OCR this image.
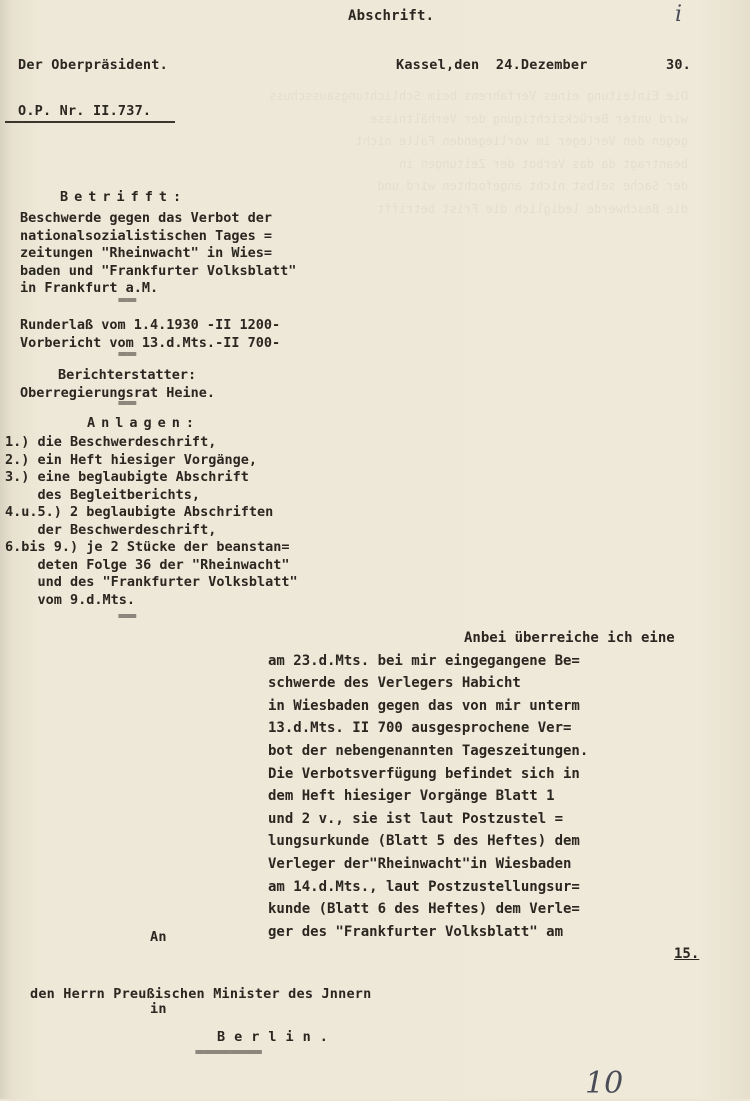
Die Einleitung eines Verfahrens beim Schlichtungsausschuss
wird unter Berücksichtigung der Verhältnisse
gegen den Verleger im vorliegenden Falle nicht
beantragt da das Verbot der Zeitungen in
der Sache selbst nicht angefochten wird und
die Beschwerde lediglich die Frist betrifft
Abschrift.	i
Der Oberpräsident.	Kassel,den  24.Dezember	30.
O.P. Nr. II.737.
Betrifft:
Beschwerde gegen das Verbot der
nationalsozialistischen Tages =
zeitungen "Rheinwacht" in Wies=
baden und "Frankfurter Volksblatt"
in Frankfurt a.M.
====
Runderlaß vom 1.4.1930 -II 1200-
Vorbericht vom 13.d.Mts.-II 700-
====
Berichterstatter:
Oberregierungsrat Heine.
====
Anlagen:
1.) die Beschwerdeschrift,
2.) ein Heft hiesiger Vorgänge,
3.) eine beglaubigte Abschrift
des Begleitberichts,
4.u.5.) 2 beglaubigte Abschriften
der Beschwerdeschrift,
6.bis 9.) je 2 Stücke der beanstan=
deten Folge 36 der "Rheinwacht"
und des "Frankfurter Volksblatt"
vom 9.d.Mts.
====
Anbei überreiche ich eine
am 23.d.Mts. bei mir eingegangene Be=
schwerde des Verlegers Habicht
in Wiesbaden gegen das von mir unterm
13.d.Mts. II 700 ausgesprochene Ver=
bot der nebengenannten Tageszeitungen.
Die Verbotsverfügung befindet sich in
dem Heft hiesiger Vorgänge Blatt 1
und 2 v., sie ist laut Postzustel =
lungsurkunde (Blatt 5 des Heftes) dem
Verleger der"Rheinwacht"in Wiesbaden
am 14.d.Mts., laut Postzustellungsur=
kunde (Blatt 6 des Heftes) dem Verle=
ger des "Frankfurter Volksblatt" am
15.
An
den Herrn Preußischen Minister des Jnnern
in
Berlin.
===============
10
